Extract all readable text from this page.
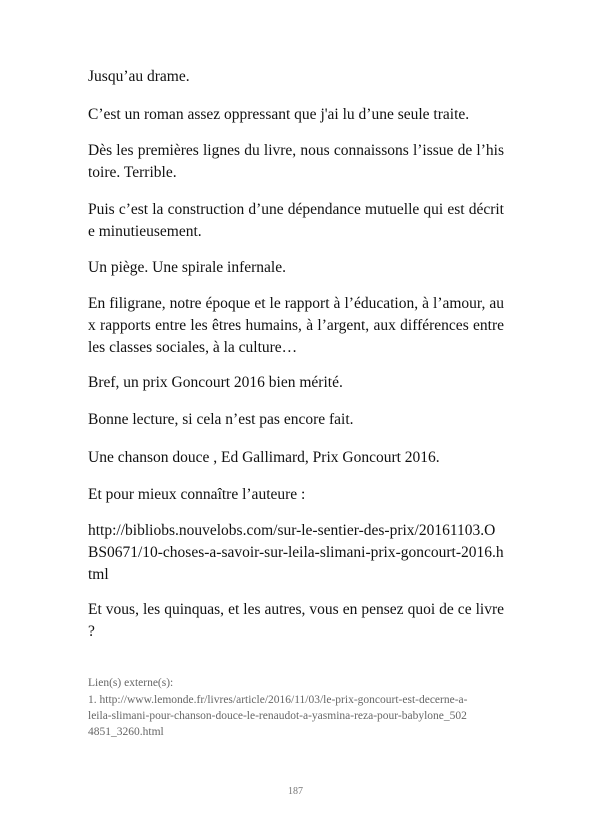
Jusqu’au drame.

C’est un roman assez oppressant que j'ai lu d’une seule traite.

Dès les premières lignes du livre, nous connaissons l’issue de l’histoire. Terrible.

Puis c’est la construction d’une dépendance mutuelle qui est décrite minutieusement.

Un piège. Une spirale infernale.

En filigrane, notre époque et le rapport à l’éducation, à l’amour, aux rapports entre les êtres humains, à l’argent, aux différences entre les classes sociales, à la culture…

Bref, un prix Goncourt 2016 bien mérité.

Bonne lecture, si cela n’est pas encore fait.

Une chanson douce , Ed Gallimard, Prix Goncourt 2016.

Et pour mieux connaître l’auteure :

http://bibliobs.nouvelobs.com/sur-le-sentier-des-prix/20161103.OBS0671/10-choses-a-savoir-sur-leila-slimani-prix-goncourt-2016.html

Et vous, les quinquas, et les autres, vous en pensez quoi de ce livre ?

Lien(s) externe(s):

1. http://www.lemonde.fr/livres/article/2016/11/03/le-prix-goncourt-est-decerne-a-leila-slimani-pour-chanson-douce-le-renaudot-a-yasmina-reza-pour-babylone_5024851_3260.html

187
